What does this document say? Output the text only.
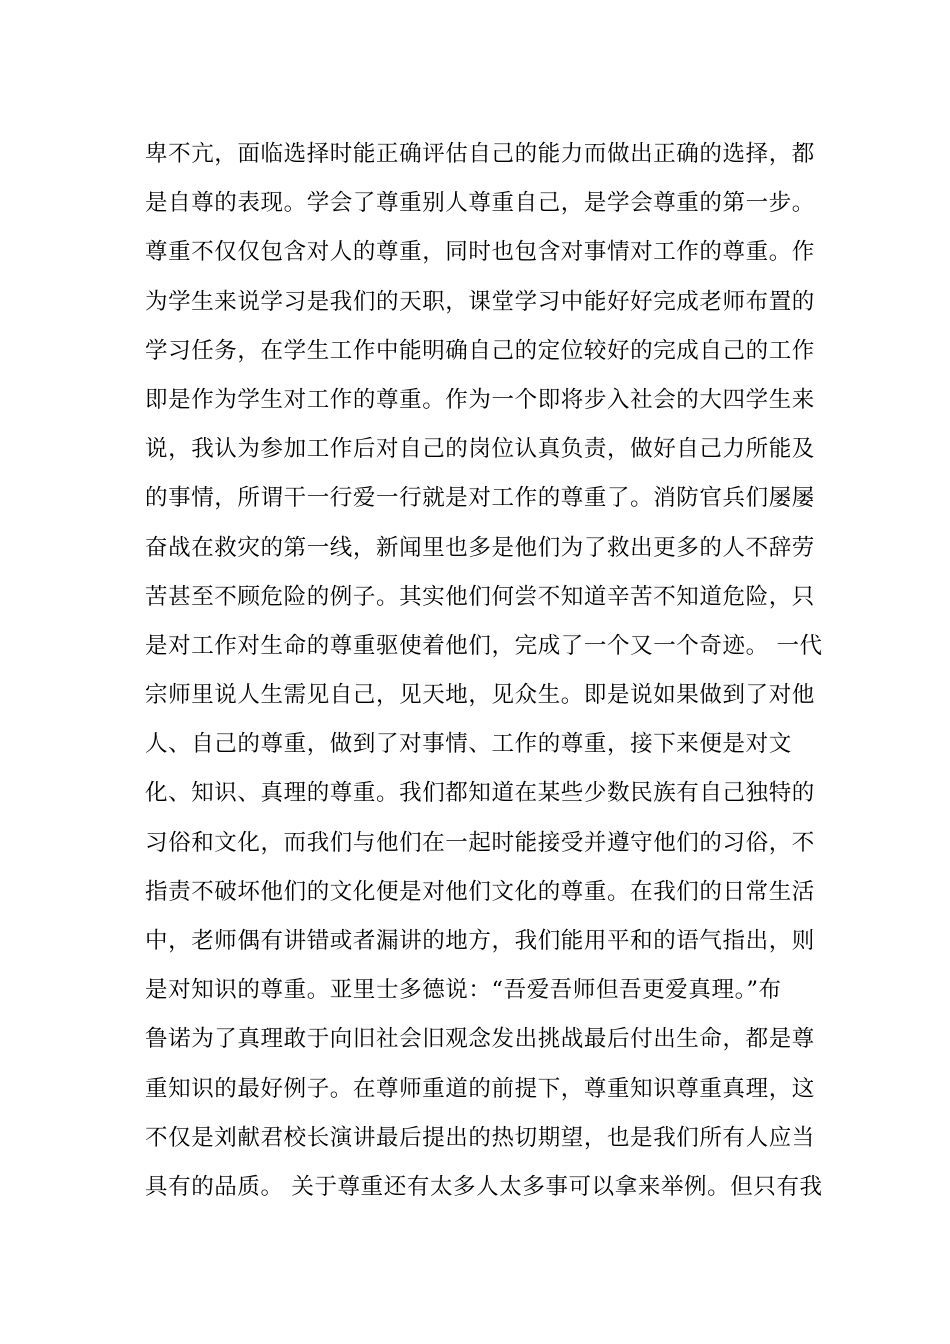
卑不亢，面临选择时能正确评估自己的能力而做出正确的选择，都
是自尊的表现。学会了尊重别人尊重自己，是学会尊重的第一步。
尊重不仅仅包含对人的尊重，同时也包含对事情对工作的尊重。作
为学生来说学习是我们的天职，课堂学习中能好好完成老师布置的
学习任务，在学生工作中能明确自己的定位较好的完成自己的工作
即是作为学生对工作的尊重。作为一个即将步入社会的大四学生来
说，我认为参加工作后对自己的岗位认真负责，做好自己力所能及
的事情，所谓干一行爱一行就是对工作的尊重了。消防官兵们屡屡
奋战在救灾的第一线，新闻里也多是他们为了救出更多的人不辞劳
苦甚至不顾危险的例子。其实他们何尝不知道辛苦不知道危险，只
是对工作对生命的尊重驱使着他们，完成了一个又一个奇迹。 一代
宗师里说人生需见自己，见天地，见众生。即是说如果做到了对他
人、自己的尊重，做到了对事情、工作的尊重，接下来便是对文
化、知识、真理的尊重。我们都知道在某些少数民族有自己独特的
习俗和文化，而我们与他们在一起时能接受并遵守他们的习俗，不
指责不破坏他们的文化便是对他们文化的尊重。在我们的日常生活
中，老师偶有讲错或者漏讲的地方，我们能用平和的语气指出，则
是对知识的尊重。亚里士多德说：“吾爱吾师但吾更爱真理。”布
鲁诺为了真理敢于向旧社会旧观念发出挑战最后付出生命，都是尊
重知识的最好例子。在尊师重道的前提下，尊重知识尊重真理，这
不仅是刘献君校长演讲最后提出的热切期望，也是我们所有人应当
具有的品质。 关于尊重还有太多人太多事可以拿来举例。但只有我
